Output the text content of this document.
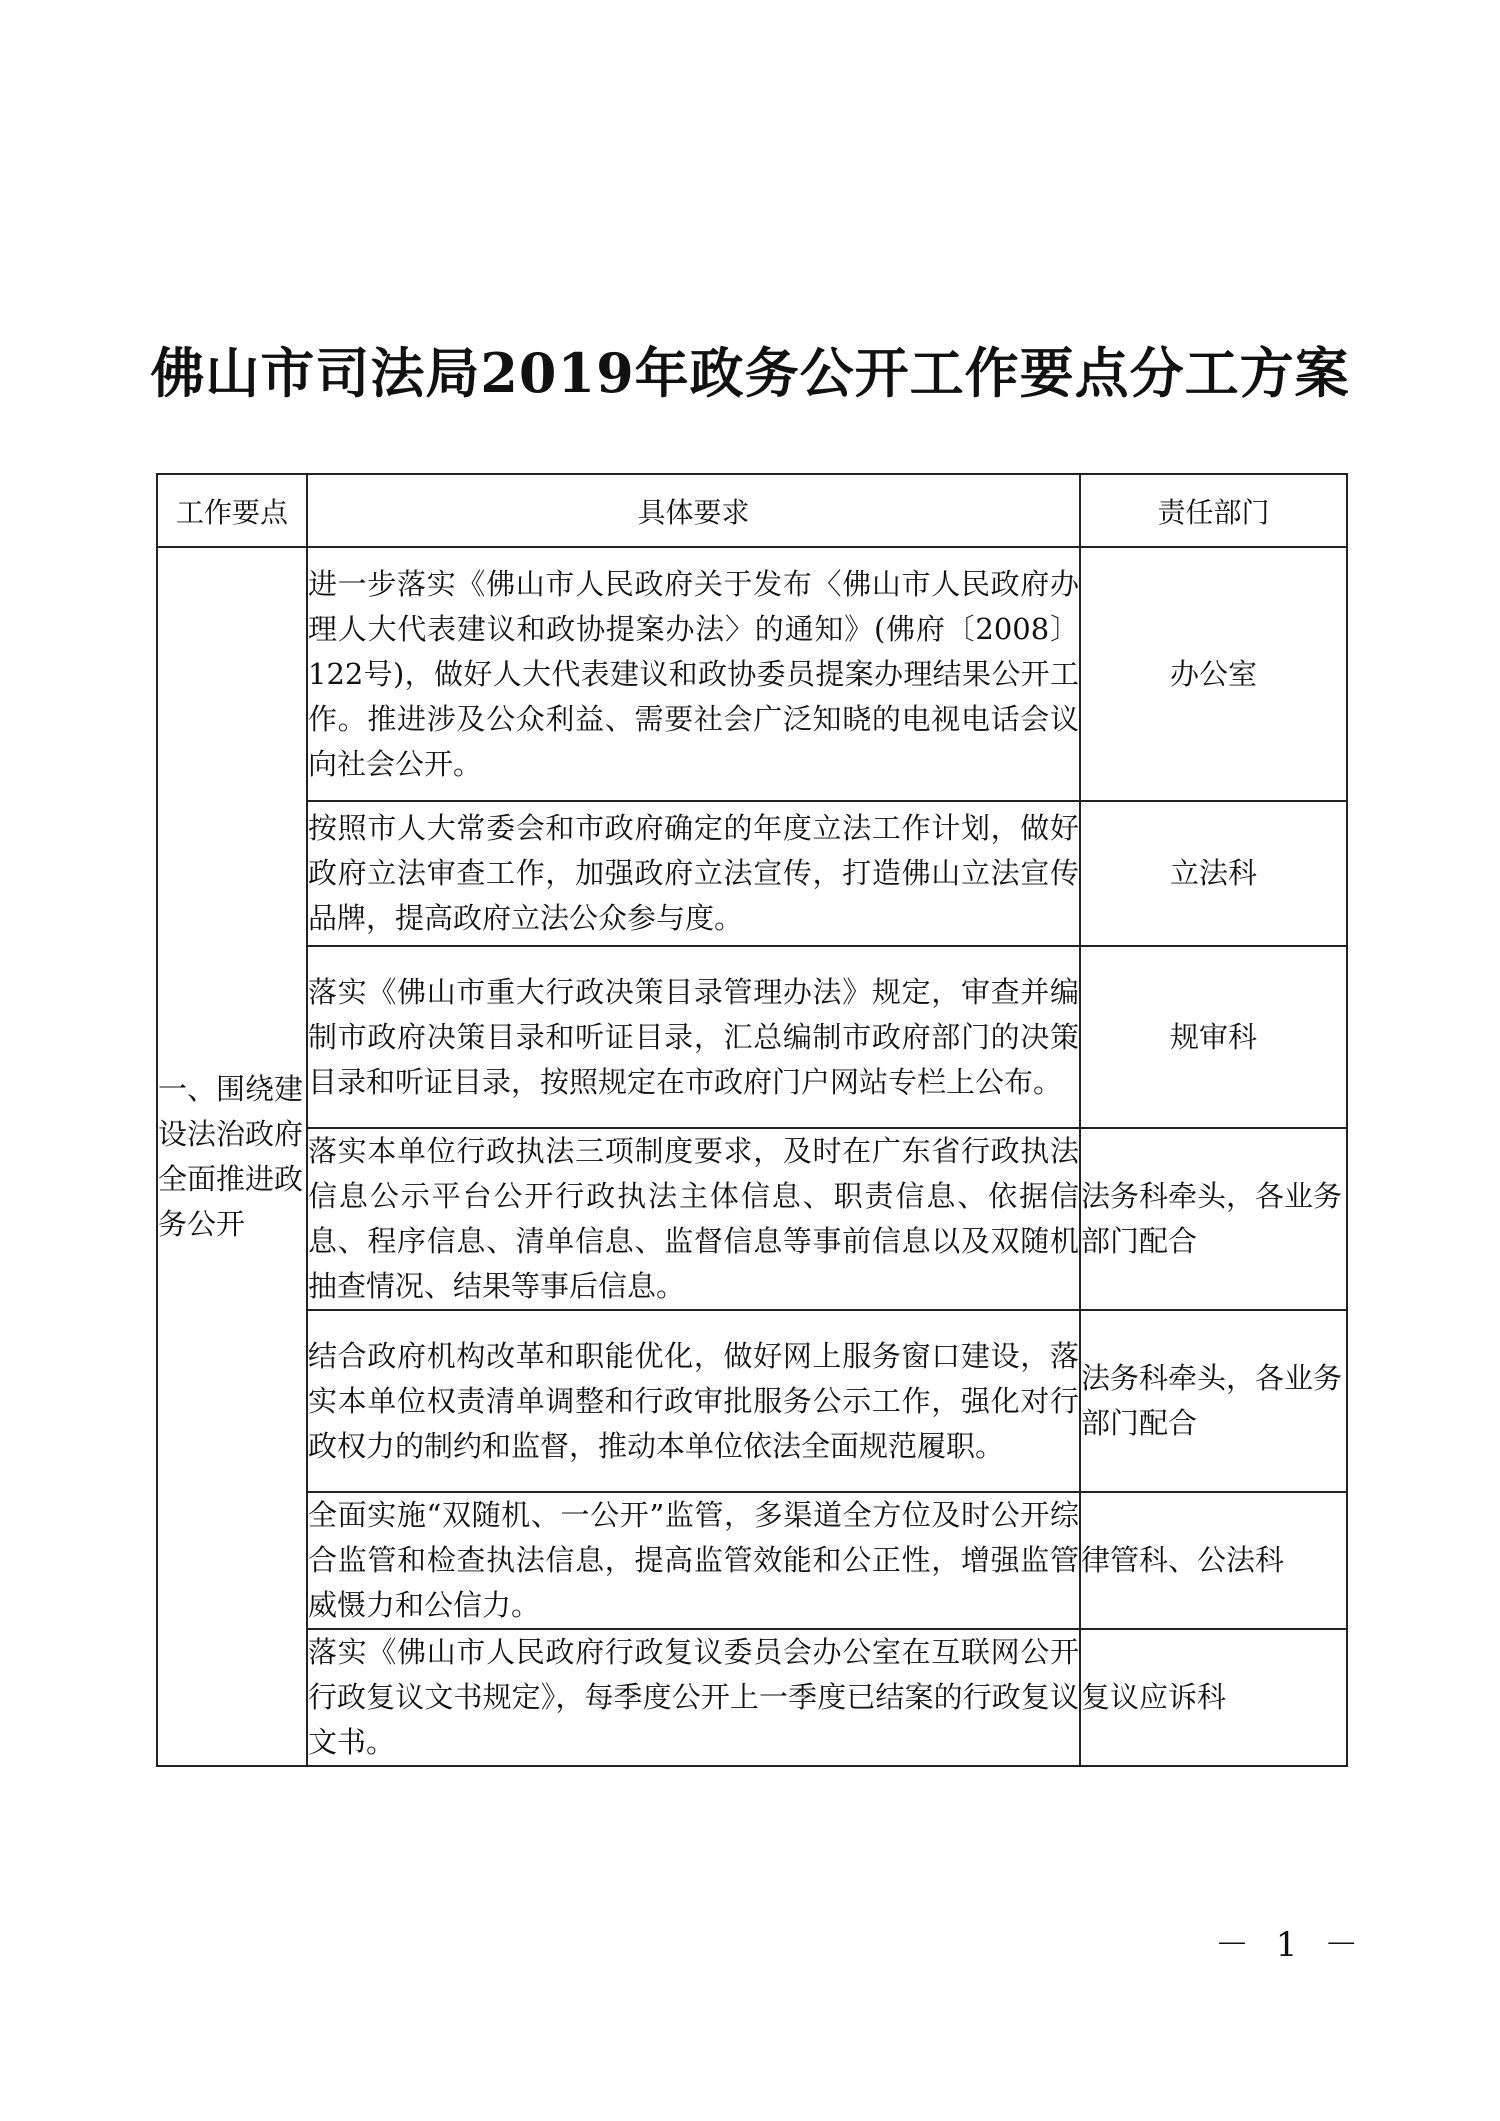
佛山市司法局2019年政务公开工作要点分工方案
工作要点	具体要求	责任部门
一、围绕建设法治政府全面推进政务公开	进一步落实《佛山市人民政府关于发布〈佛山市人民政府办理人大代表建议和政协提案办法〉的通知》(佛府〔2008〕122号)，做好人大代表建议和政协委员提案办理结果公开工作。推进涉及公众利益、需要社会广泛知晓的电视电话会议向社会公开。	办公室
	按照市人大常委会和市政府确定的年度立法工作计划，做好政府立法审查工作，加强政府立法宣传，打造佛山立法宣传品牌，提高政府立法公众参与度。	立法科
	落实《佛山市重大行政决策目录管理办法》规定，审查并编制市政府决策目录和听证目录，汇总编制市政府部门的决策目录和听证目录，按照规定在市政府门户网站专栏上公布。	规审科
	落实本单位行政执法三项制度要求，及时在广东省行政执法信息公示平台公开行政执法主体信息、职责信息、依据信息、程序信息、清单信息、监督信息等事前信息以及双随机抽查情况、结果等事后信息。	法务科牵头，各业务部门配合
	结合政府机构改革和职能优化，做好网上服务窗口建设，落实本单位权责清单调整和行政审批服务公示工作，强化对行政权力的制约和监督，推动本单位依法全面规范履职。	法务科牵头，各业务部门配合
	全面实施“双随机、一公开”监管，多渠道全方位及时公开综合监管和检查执法信息，提高监管效能和公正性，增强监管威慑力和公信力。	律管科、公法科
	落实《佛山市人民政府行政复议委员会办公室在互联网公开行政复议文书规定》，每季度公开上一季度已结案的行政复议文书。	复议应诉科
－ 1 －
